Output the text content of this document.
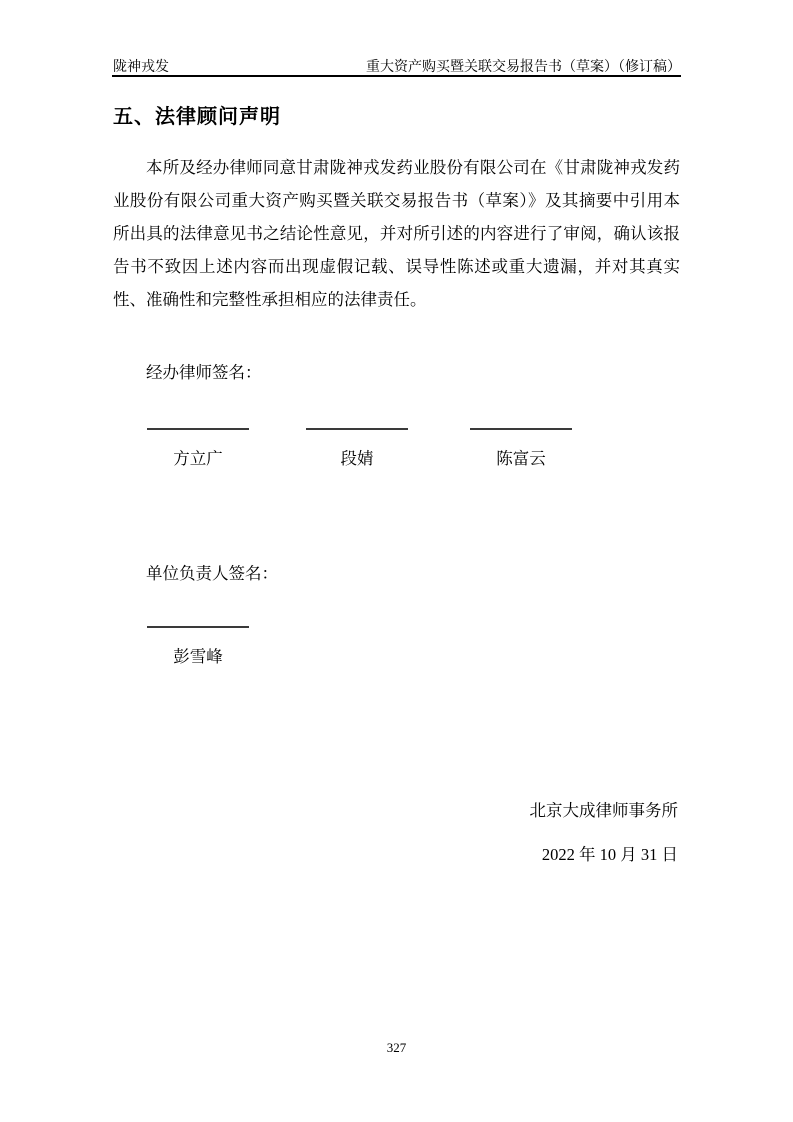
陇神戎发	重大资产购买暨关联交易报告书（草案）（修订稿）
五、法律顾问声明

本所及经办律师同意甘肃陇神戎发药业股份有限公司在《甘肃陇神戎发药业股份有限公司重大资产购买暨关联交易报告书（草案）》及其摘要中引用本所出具的法律意见书之结论性意见，并对所引述的内容进行了审阅，确认该报告书不致因上述内容而出现虚假记载、误导性陈述或重大遗漏，并对其真实性、准确性和完整性承担相应的法律责任。

经办律师签名：
方立广	段婧	陈富云
单位负责人签名：
彭雪峰
北京大成律师事务所
2022 年 10 月 31 日
327
